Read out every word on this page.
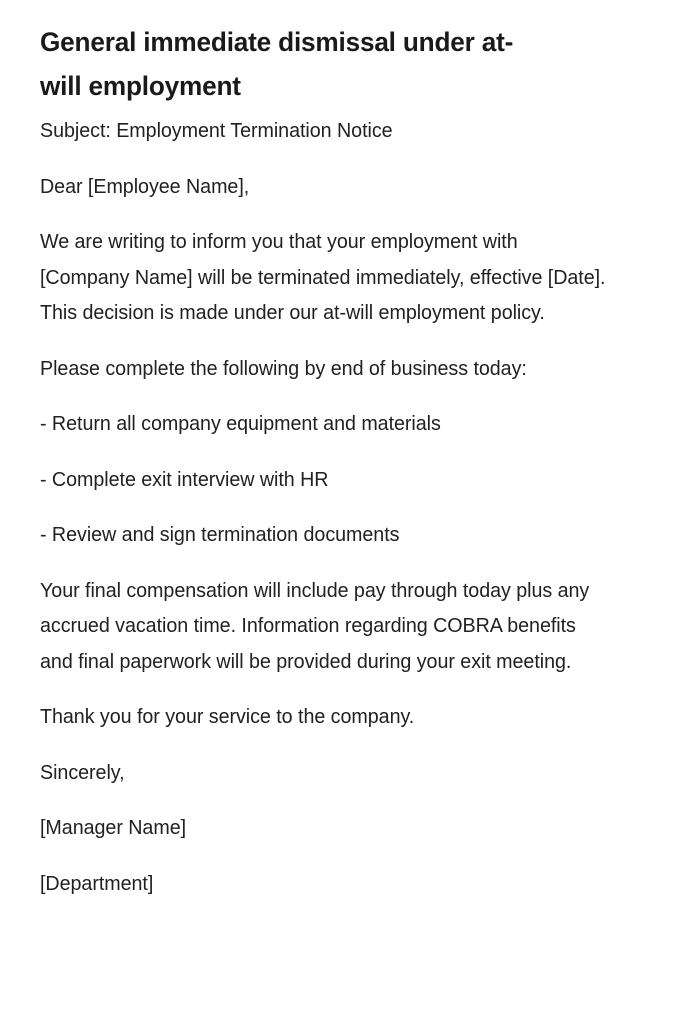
General immediate dismissal under at-will employment

Subject: Employment Termination Notice

Dear [Employee Name],

We are writing to inform you that your employment with [Company Name] will be terminated immediately, effective [Date]. This decision is made under our at-will employment policy.

Please complete the following by end of business today:

- Return all company equipment and materials

- Complete exit interview with HR

- Review and sign termination documents

Your final compensation will include pay through today plus any accrued vacation time. Information regarding COBRA benefits and final paperwork will be provided during your exit meeting.

Thank you for your service to the company.

Sincerely,

[Manager Name]

[Department]
